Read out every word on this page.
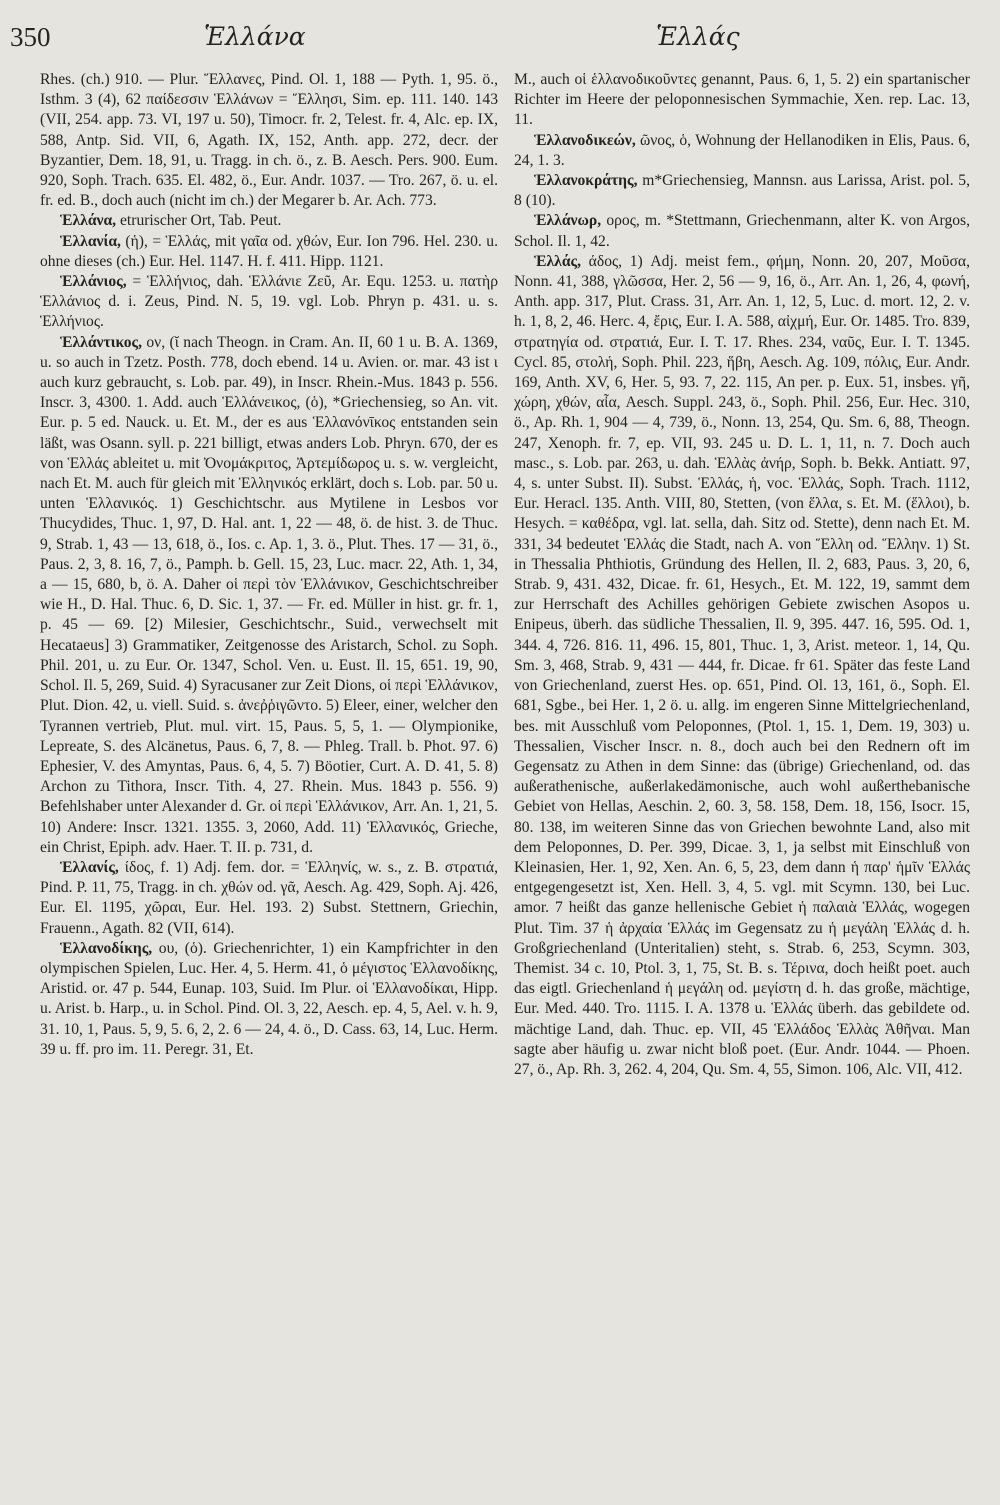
350	Ἑλλάνα	Ἑλλάς

Rhes. (ch.) 910. — Plur. Ἕλλανες, Pind. Ol. 1, 188 — Pyth. 1, 95. ö., Isthm. 3 (4), 62 παίδεσσιν Ἑλλάνων = Ἕλλησι, Sim. ep. 111. 140. 143 (VII, 254. app. 73. VI, 197 u. 50), Timocr. fr. 2, Telest. fr. 4, Alc. ep. IX, 588, Antp. Sid. VII, 6, Agath. IX, 152, Anth. app. 272, decr. der Byzantier, Dem. 18, 91, u. Tragg. in ch. ö., z. B. Aesch. Pers. 900. Eum. 920, Soph. Trach. 635. El. 482, ö., Eur. Andr. 1037. — Tro. 267, ö. u. el. fr. ed. B., doch auch (nicht im ch.) der Megarer b. Ar. Ach. 773.

Ἑλλάνα, etrurischer Ort, Tab. Peut.

Ἑλλανία, (ἡ), = Ἑλλάς, mit γαῖα od. χθών, Eur. Ion 796. Hel. 230. u. ohne dieses (ch.) Eur. Hel. 1147. H. f. 411. Hipp. 1121.

Ἑλλάνιος, = Ἑλλήνιος, dah. Ἑλλάνιε Ζεῦ, Ar. Equ. 1253. u. πατὴρ Ἑλλάνιος d. i. Zeus, Pind. N. 5, 19. vgl. Lob. Phryn p. 431. u. s. Ἑλλήνιος.

Ἑλλάντικος, ον, (ῐ nach Theogn. in Cram. An. II, 60 1 u. B. A. 1369, u. so auch in Tzetz. Posth. 778, doch ebend. 14 u. Avien. or. mar. 43 ist ι auch kurz gebraucht, s. Lob. par. 49), in Inscr. Rhein.-Mus. 1843 p. 556. Inscr. 3, 4300. 1. Add. auch Ἑλλάνεικος, (ὁ), *Griechensieg, so An. vit. Eur. p. 5 ed. Nauck. u. Et. M., der es aus Ἑλλανόνῑκος entstanden sein läßt, was Osann. syll. p. 221 billigt, etwas anders Lob. Phryn. 670, der es von Ἑλλάς ableitet u. mit Ὀνομάκριτος, Ἀρτεμίδωρος u. s. w. vergleicht, nach Et. M. auch für gleich mit Ἑλληνικός erklärt, doch s. Lob. par. 50 u. unten Ἑλλανικός. 1) Geschichtschr. aus Mytilene in Lesbos vor Thucydides, Thuc. 1, 97, D. Hal. ant. 1, 22 — 48, ö. de hist. 3. de Thuc. 9, Strab. 1, 43 — 13, 618, ö., Ios. c. Ap. 1, 3. ö., Plut. Thes. 17 — 31, ö., Paus. 2, 3, 8. 16, 7, ö., Pamph. b. Gell. 15, 23, Luc. macr. 22, Ath. 1, 34, a — 15, 680, b, ö. A. Daher οἱ περὶ τὸν Ἑλλάνικον, Geschichtschreiber wie H., D. Hal. Thuc. 6, D. Sic. 1, 37. — Fr. ed. Müller in hist. gr. fr. 1, p. 45 — 69. [2) Milesier, Geschichtschr., Suid., verwechselt mit Hecataeus] 3) Grammatiker, Zeitgenosse des Aristarch, Schol. zu Soph. Phil. 201, u. zu Eur. Or. 1347, Schol. Ven. u. Eust. Il. 15, 651. 19, 90, Schol. Il. 5, 269, Suid. 4) Syracusaner zur Zeit Dions, οἱ περὶ Ἑλλάνικον, Plut. Dion. 42, u. viell. Suid. s. ἀνεῤῥιγῶντο. 5) Eleer, einer, welcher den Tyrannen vertrieb, Plut. mul. virt. 15, Paus. 5, 5, 1. — Olympionike, Lepreate, S. des Alcänetus, Paus. 6, 7, 8. — Phleg. Trall. b. Phot. 97. 6) Ephesier, V. des Amyntas, Paus. 6, 4, 5. 7) Böotier, Curt. A. D. 41, 5. 8) Archon zu Tithora, Inscr. Tith. 4, 27. Rhein. Mus. 1843 p. 556. 9) Befehlshaber unter Alexander d. Gr. οἱ περὶ Ἑλλάνικον, Arr. An. 1, 21, 5. 10) Andere: Inscr. 1321. 1355. 3, 2060, Add. 11) Ἑλλανικός, Grieche, ein Christ, Epiph. adv. Haer. T. II. p. 731, d.

Ἑλλανίς, ίδος, f. 1) Adj. fem. dor. = Ἑλληνίς, w. s., z. B. στρατιά, Pind. P. 11, 75, Tragg. in ch. χθών od. γᾶ, Aesch. Ag. 429, Soph. Aj. 426, Eur. El. 1195, χῶραι, Eur. Hel. 193. 2) Subst. Stettnern, Griechin, Frauenn., Agath. 82 (VII, 614).

Ἑλλανοδίκης, ου, (ὁ). Griechenrichter, 1) ein Kampfrichter in den olympischen Spielen, Luc. Her. 4, 5. Herm. 41, ὁ μέγιστος Ἑλλανοδίκης, Aristid. or. 47 p. 544, Eunap. 103, Suid. Im Plur. οἱ Ἑλλανοδίκαι, Hipp. u. Arist. b. Harp., u. in Schol. Pind. Ol. 3, 22, Aesch. ep. 4, 5, Ael. v. h. 9, 31. 10, 1, Paus. 5, 9, 5. 6, 2, 2. 6 — 24, 4. ö., D. Cass. 63, 14, Luc. Herm. 39 u. ff. pro im. 11. Peregr. 31, Et.

M., auch οἱ ἑλλανοδικοῦντες genannt, Paus. 6, 1, 5. 2) ein spartanischer Richter im Heere der peloponnesischen Symmachie, Xen. rep. Lac. 13, 11.

Ἑλλανοδικεών, ῶνος, ὁ, Wohnung der Hellanodiken in Elis, Paus. 6, 24, 1. 3.

Ἑλλανοκράτης, m*Griechensieg, Mannsn. aus Larissa, Arist. pol. 5, 8 (10).

Ἑλλάνωρ, ορος, m. *Stettmann, Griechenmann, alter K. von Argos, Schol. Il. 1, 42.

Ἑλλάς, άδος, 1) Adj. meist fem., φήμη, Nonn. 20, 207, Μοῦσα, Nonn. 41, 388, γλῶσσα, Her. 2, 56 — 9, 16, ö., Arr. An. 1, 26, 4, φωνή, Anth. app. 317, Plut. Crass. 31, Arr. An. 1, 12, 5, Luc. d. mort. 12, 2. v. h. 1, 8, 2, 46. Herc. 4, ἔρις, Eur. I. A. 588, αἰχμή, Eur. Or. 1485. Tro. 839, στρατηγία od. στρατιά, Eur. I. T. 17. Rhes. 234, ναῦς, Eur. I. T. 1345. Cycl. 85, στολή, Soph. Phil. 223, ἥβη, Aesch. Ag. 109, πόλις, Eur. Andr. 169, Anth. XV, 6, Her. 5, 93. 7, 22. 115, An per. p. Eux. 51, insbes. γῆ, χώρη, χθών, αἶα, Aesch. Suppl. 243, ö., Soph. Phil. 256, Eur. Hec. 310, ö., Ap. Rh. 1, 904 — 4, 739, ö., Nonn. 13, 254, Qu. Sm. 6, 88, Theogn. 247, Xenoph. fr. 7, ep. VII, 93. 245 u. D. L. 1, 11, n. 7. Doch auch masc., s. Lob. par. 263, u. dah. Ἑλλὰς ἀνήρ, Soph. b. Bekk. Antiatt. 97, 4, s. unter Subst. II). Subst. Ἑλλάς, ἡ, voc. Ἑλλάς, Soph. Trach. 1112, Eur. Heracl. 135. Anth. VIII, 80, Stetten, (von ἕλλα, s. Et. M. (ἕλλοι), b. Hesych. = καθέδρα, vgl. lat. sella, dah. Sitz od. Stette), denn nach Et. M. 331, 34 bedeutet Ἑλλάς die Stadt, nach A. von Ἕλλη od. Ἕλλην. 1) St. in Thessalia Phthiotis, Gründung des Hellen, Il. 2, 683, Paus. 3, 20, 6, Strab. 9, 431. 432, Dicae. fr. 61, Hesych., Et. M. 122, 19, sammt dem zur Herrschaft des Achilles gehörigen Gebiete zwischen Asopos u. Enipeus, überh. das südliche Thessalien, Il. 9, 395. 447. 16, 595. Od. 1, 344. 4, 726. 816. 11, 496. 15, 801, Thuc. 1, 3, Arist. meteor. 1, 14, Qu. Sm. 3, 468, Strab. 9, 431 — 444, fr. Dicae. fr 61. Später das feste Land von Griechenland, zuerst Hes. op. 651, Pind. Ol. 13, 161, ö., Soph. El. 681, Sgbe., bei Her. 1, 2 ö. u. allg. im engeren Sinne Mittelgriechenland, bes. mit Ausschluß vom Peloponnes, (Ptol. 1, 15. 1, Dem. 19, 303) u. Thessalien, Vischer Inscr. n. 8., doch auch bei den Rednern oft im Gegensatz zu Athen in dem Sinne: das (übrige) Griechenland, od. das außerathenische, außerlakedämonische, auch wohl außerthebanische Gebiet von Hellas, Aeschin. 2, 60. 3, 58. 158, Dem. 18, 156, Isocr. 15, 80. 138, im weiteren Sinne das von Griechen bewohnte Land, also mit dem Peloponnes, D. Per. 399, Dicae. 3, 1, ja selbst mit Einschluß von Kleinasien, Her. 1, 92, Xen. An. 6, 5, 23, dem dann ἡ παρ' ἡμῖν Ἑλλάς entgegengesetzt ist, Xen. Hell. 3, 4, 5. vgl. mit Scymn. 130, bei Luc. amor. 7 heißt das ganze hellenische Gebiet ἡ παλαιὰ Ἑλλάς, wogegen Plut. Tim. 37 ἡ ἀρχαία Ἑλλάς im Gegensatz zu ἡ μεγάλη Ἑλλάς d. h. Großgriechenland (Unteritalien) steht, s. Strab. 6, 253, Scymn. 303, Themist. 34 c. 10, Ptol. 3, 1, 75, St. B. s. Τέρινα, doch heißt poet. auch das eigtl. Griechenland ἡ μεγάλη od. μεγίστη d. h. das große, mächtige, Eur. Med. 440. Tro. 1115. I. A. 1378 u. Ἑλλάς überh. das gebildete od. mächtige Land, dah. Thuc. ep. VII, 45 Ἑλλάδος Ἑλλὰς Ἀθῆναι. Man sagte aber häufig u. zwar nicht bloß poet. (Eur. Andr. 1044. — Phoen. 27, ö., Ap. Rh. 3, 262. 4, 204, Qu. Sm. 4, 55, Simon. 106, Alc. VII, 412.
